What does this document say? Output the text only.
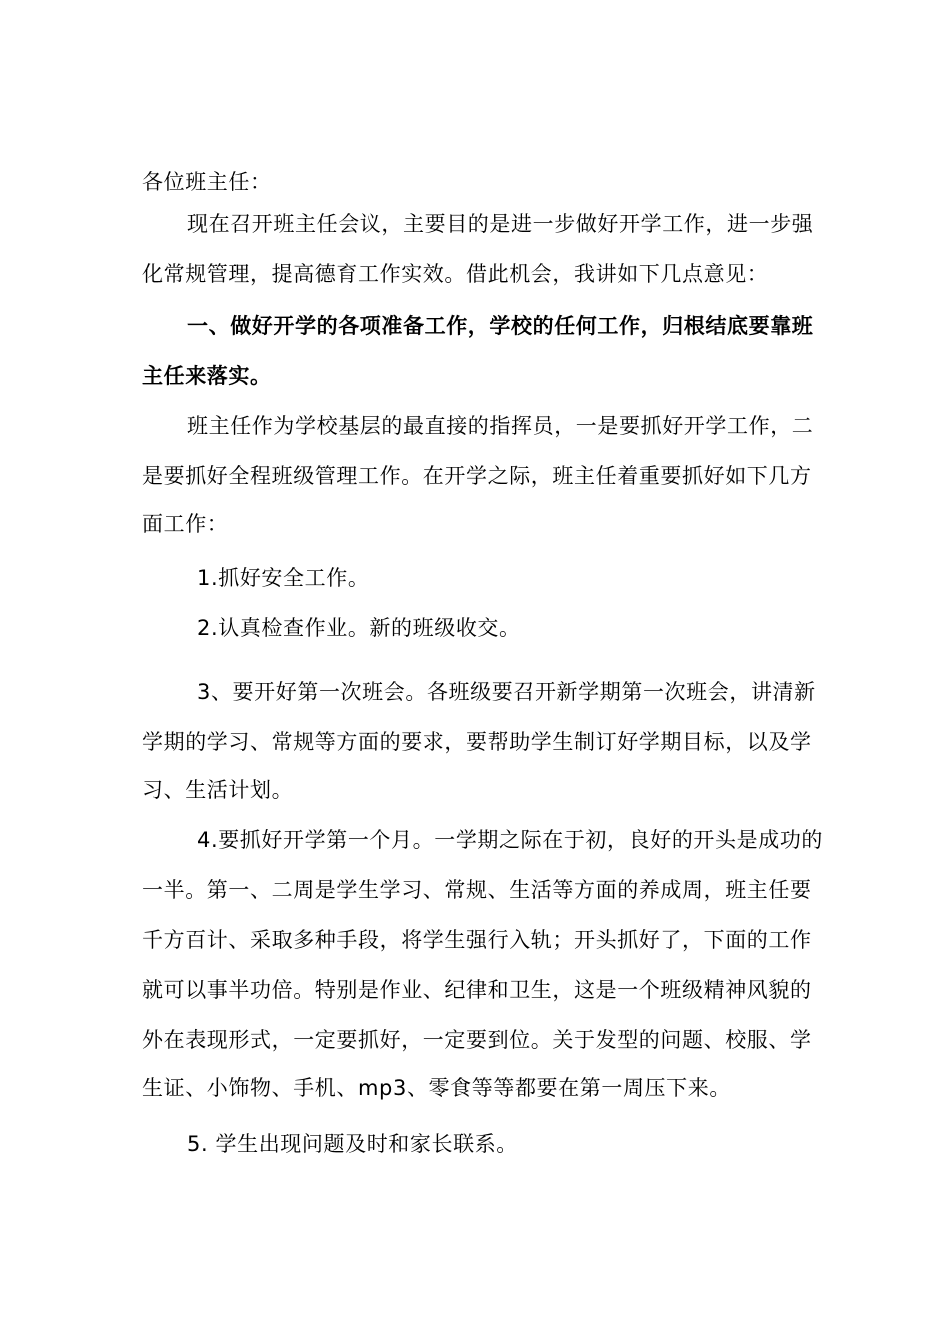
各位班主任：
现在召开班主任会议，主要目的是进一步做好开学工作，进一步强
化常规管理，提高德育工作实效。借此机会，我讲如下几点意见：
一、做好开学的各项准备工作，学校的任何工作，归根结底要靠班
主任来落实。
班主任作为学校基层的最直接的指挥员，一是要抓好开学工作，二
是要抓好全程班级管理工作。在开学之际，班主任着重要抓好如下几方
面工作：
1.抓好安全工作。
2.认真检查作业。新的班级收交。
3、要开好第一次班会。各班级要召开新学期第一次班会，讲清新
学期的学习、常规等方面的要求，要帮助学生制订好学期目标，以及学
习、生活计划。
4.要抓好开学第一个月。一学期之际在于初，良好的开头是成功的
一半。第一、二周是学生学习、常规、生活等方面的养成周，班主任要
千方百计、采取多种手段，将学生强行入轨；开头抓好了，下面的工作
就可以事半功倍。特别是作业、纪律和卫生，这是一个班级精神风貌的
外在表现形式，一定要抓好，一定要到位。关于发型的问题、校服、学
生证、小饰物、手机、mp3、零食等等都要在第一周压下来。
5. 学生出现问题及时和家长联系。
